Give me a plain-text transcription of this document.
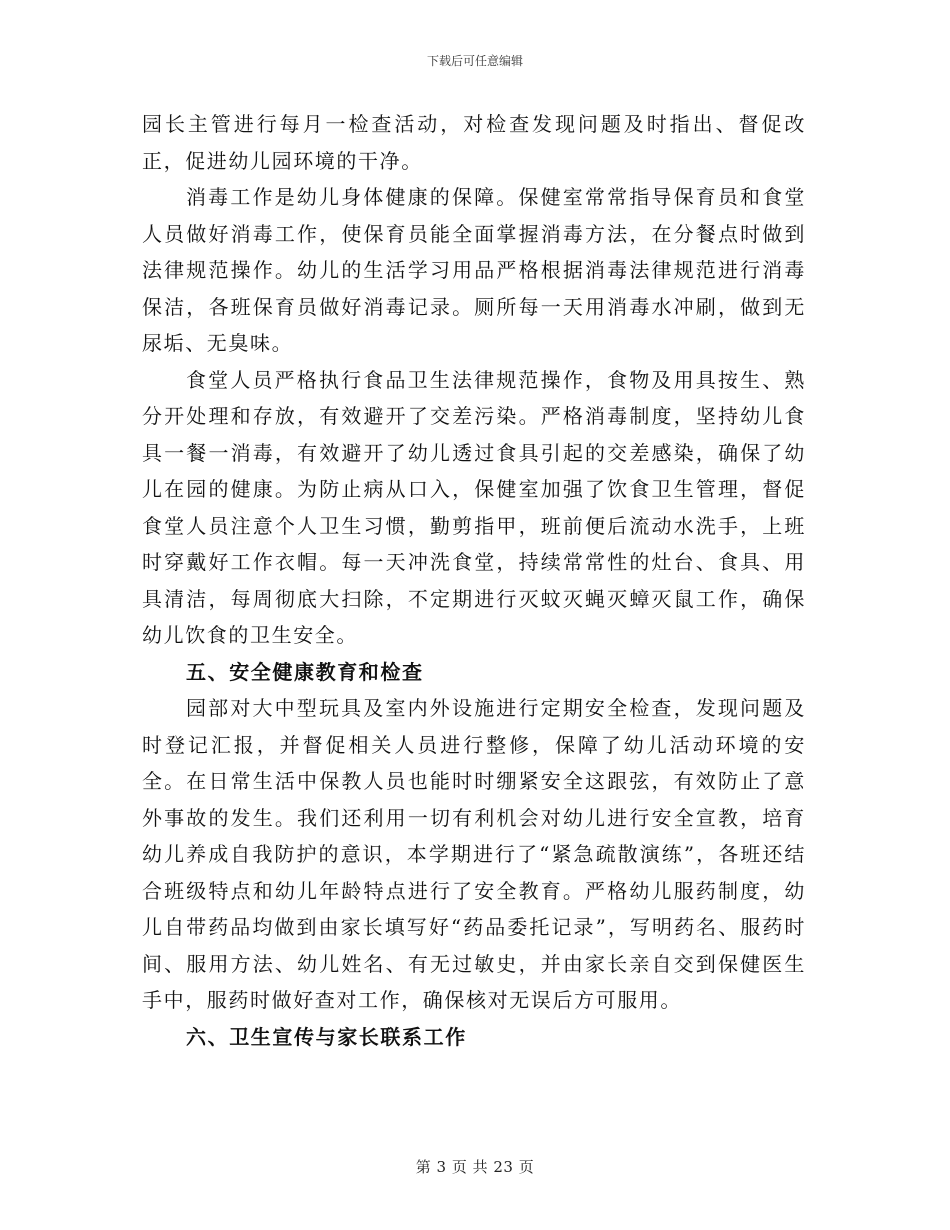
下载后可任意编辑

园长主管进行每月一检查活动，对检查发现问题及时指出、督促改正，促进幼儿园环境的干净。

消毒工作是幼儿身体健康的保障。保健室常常指导保育员和食堂人员做好消毒工作，使保育员能全面掌握消毒方法，在分餐点时做到法律规范操作。幼儿的生活学习用品严格根据消毒法律规范进行消毒保洁，各班保育员做好消毒记录。厕所每一天用消毒水冲刷，做到无尿垢、无臭味。

食堂人员严格执行食品卫生法律规范操作，食物及用具按生、熟分开处理和存放，有效避开了交差污染。严格消毒制度，坚持幼儿食具一餐一消毒，有效避开了幼儿透过食具引起的交差感染，确保了幼儿在园的健康。为防止病从口入，保健室加强了饮食卫生管理，督促食堂人员注意个人卫生习惯，勤剪指甲，班前便后流动水洗手，上班时穿戴好工作衣帽。每一天冲洗食堂，持续常常性的灶台、食具、用具清洁，每周彻底大扫除，不定期进行灭蚊灭蝇灭蟑灭鼠工作，确保幼儿饮食的卫生安全。

五、安全健康教育和检查

园部对大中型玩具及室内外设施进行定期安全检查，发现问题及时登记汇报，并督促相关人员进行整修，保障了幼儿活动环境的安全。在日常生活中保教人员也能时时绷紧安全这跟弦，有效防止了意外事故的发生。我们还利用一切有利机会对幼儿进行安全宣教，培育幼儿养成自我防护的意识，本学期进行了“紧急疏散演练”，各班还结合班级特点和幼儿年龄特点进行了安全教育。严格幼儿服药制度，幼儿自带药品均做到由家长填写好“药品委托记录”，写明药名、服药时间、服用方法、幼儿姓名、有无过敏史，并由家长亲自交到保健医生手中，服药时做好查对工作，确保核对无误后方可服用。

六、卫生宣传与家长联系工作
第 3 页 共 23 页
